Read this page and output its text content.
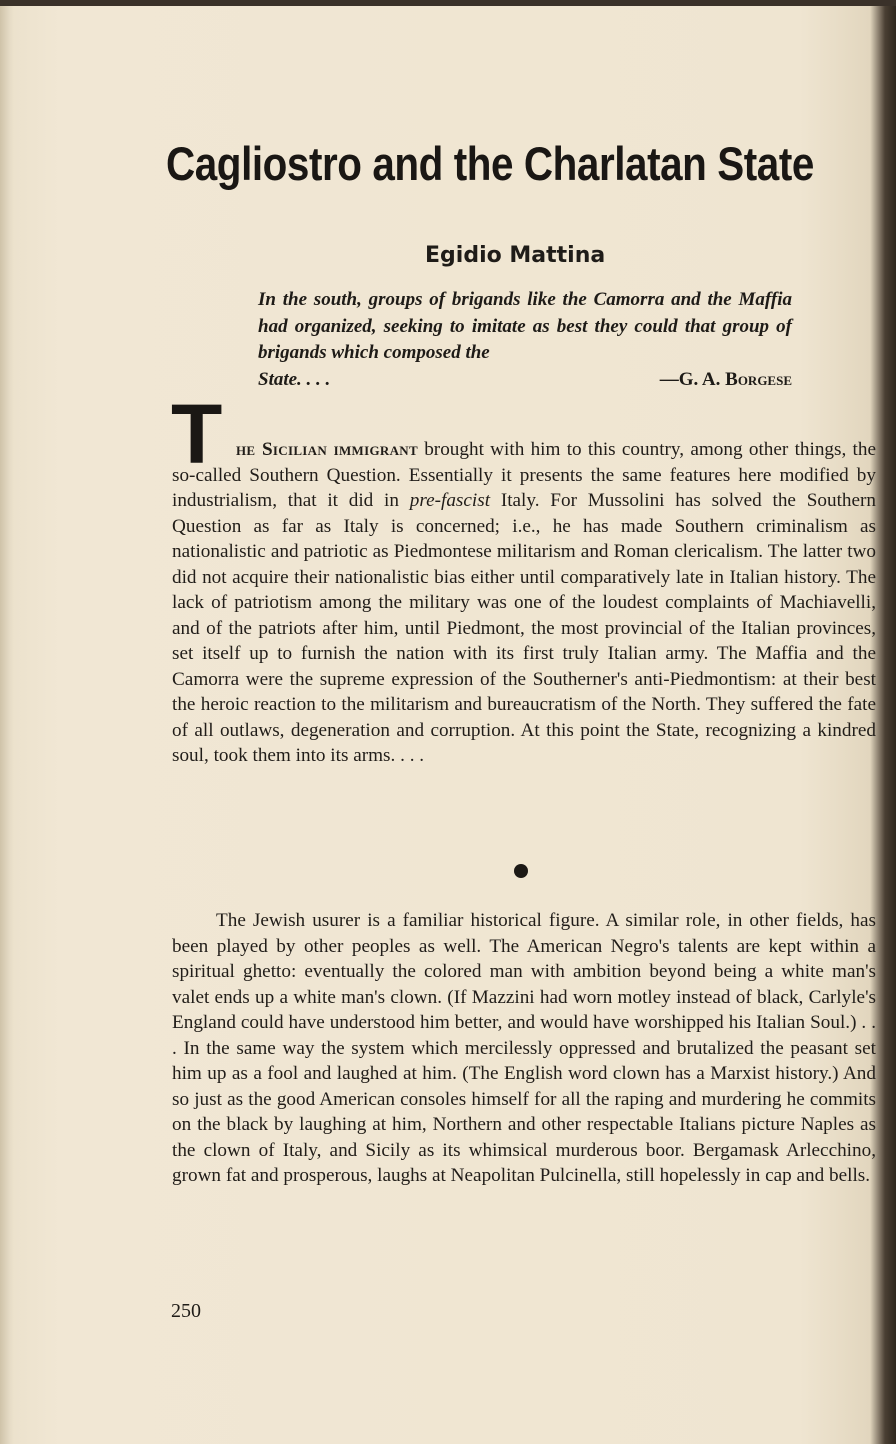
Cagliostro and the Charlatan State
Egidio Mattina
In the south, groups of brigands like the Camorra and the Maffia had organized, seeking to imitate as best they could that group of brigands which composed the
State. . . .	—G. A. Borgese
T he Sicilian immigrant brought with him to this country, among other things, the so-called Southern Question. Essentially it presents the same features here modified by industrialism, that it did in pre-fascist Italy. For Mussolini has solved the Southern Question as far as Italy is concerned; i.e., he has made Southern criminalism as nationalistic and patriotic as Piedmontese militarism and Roman clericalism. The latter two did not acquire their nationalistic bias either until comparatively late in Italian history. The lack of patriotism among the military was one of the loudest complaints of Machiavelli, and of the patriots after him, until Piedmont, the most provincial of the Italian provinces, set itself up to furnish the nation with its first truly Italian army. The Maffia and the Camorra were the supreme expression of the Southerner's anti-Piedmontism: at their best the heroic reaction to the militarism and bureaucratism of the North. They suffered the fate of all outlaws, degeneration and corruption. At this point the State, recognizing a kindred soul, took them into its arms. . . .

The Jewish usurer is a familiar historical figure. A similar role, in other fields, has been played by other peoples as well. The American Negro's talents are kept within a spiritual ghetto: eventually the colored man with ambition beyond being a white man's valet ends up a white man's clown. (If Mazzini had worn motley instead of black, Carlyle's England could have understood him better, and would have worshipped his Italian Soul.) . . . In the same way the system which mercilessly oppressed and brutalized the peasant set him up as a fool and laughed at him. (The English word clown has a Marxist history.) And so just as the good American consoles himself for all the raping and murdering he commits on the black by laughing at him, Northern and other respectable Italians picture Naples as the clown of Italy, and Sicily as its whimsical murderous boor. Bergamask Arlecchino, grown fat and prosperous, laughs at Neapolitan Pulcinella, still hopelessly in cap and bells.

250
